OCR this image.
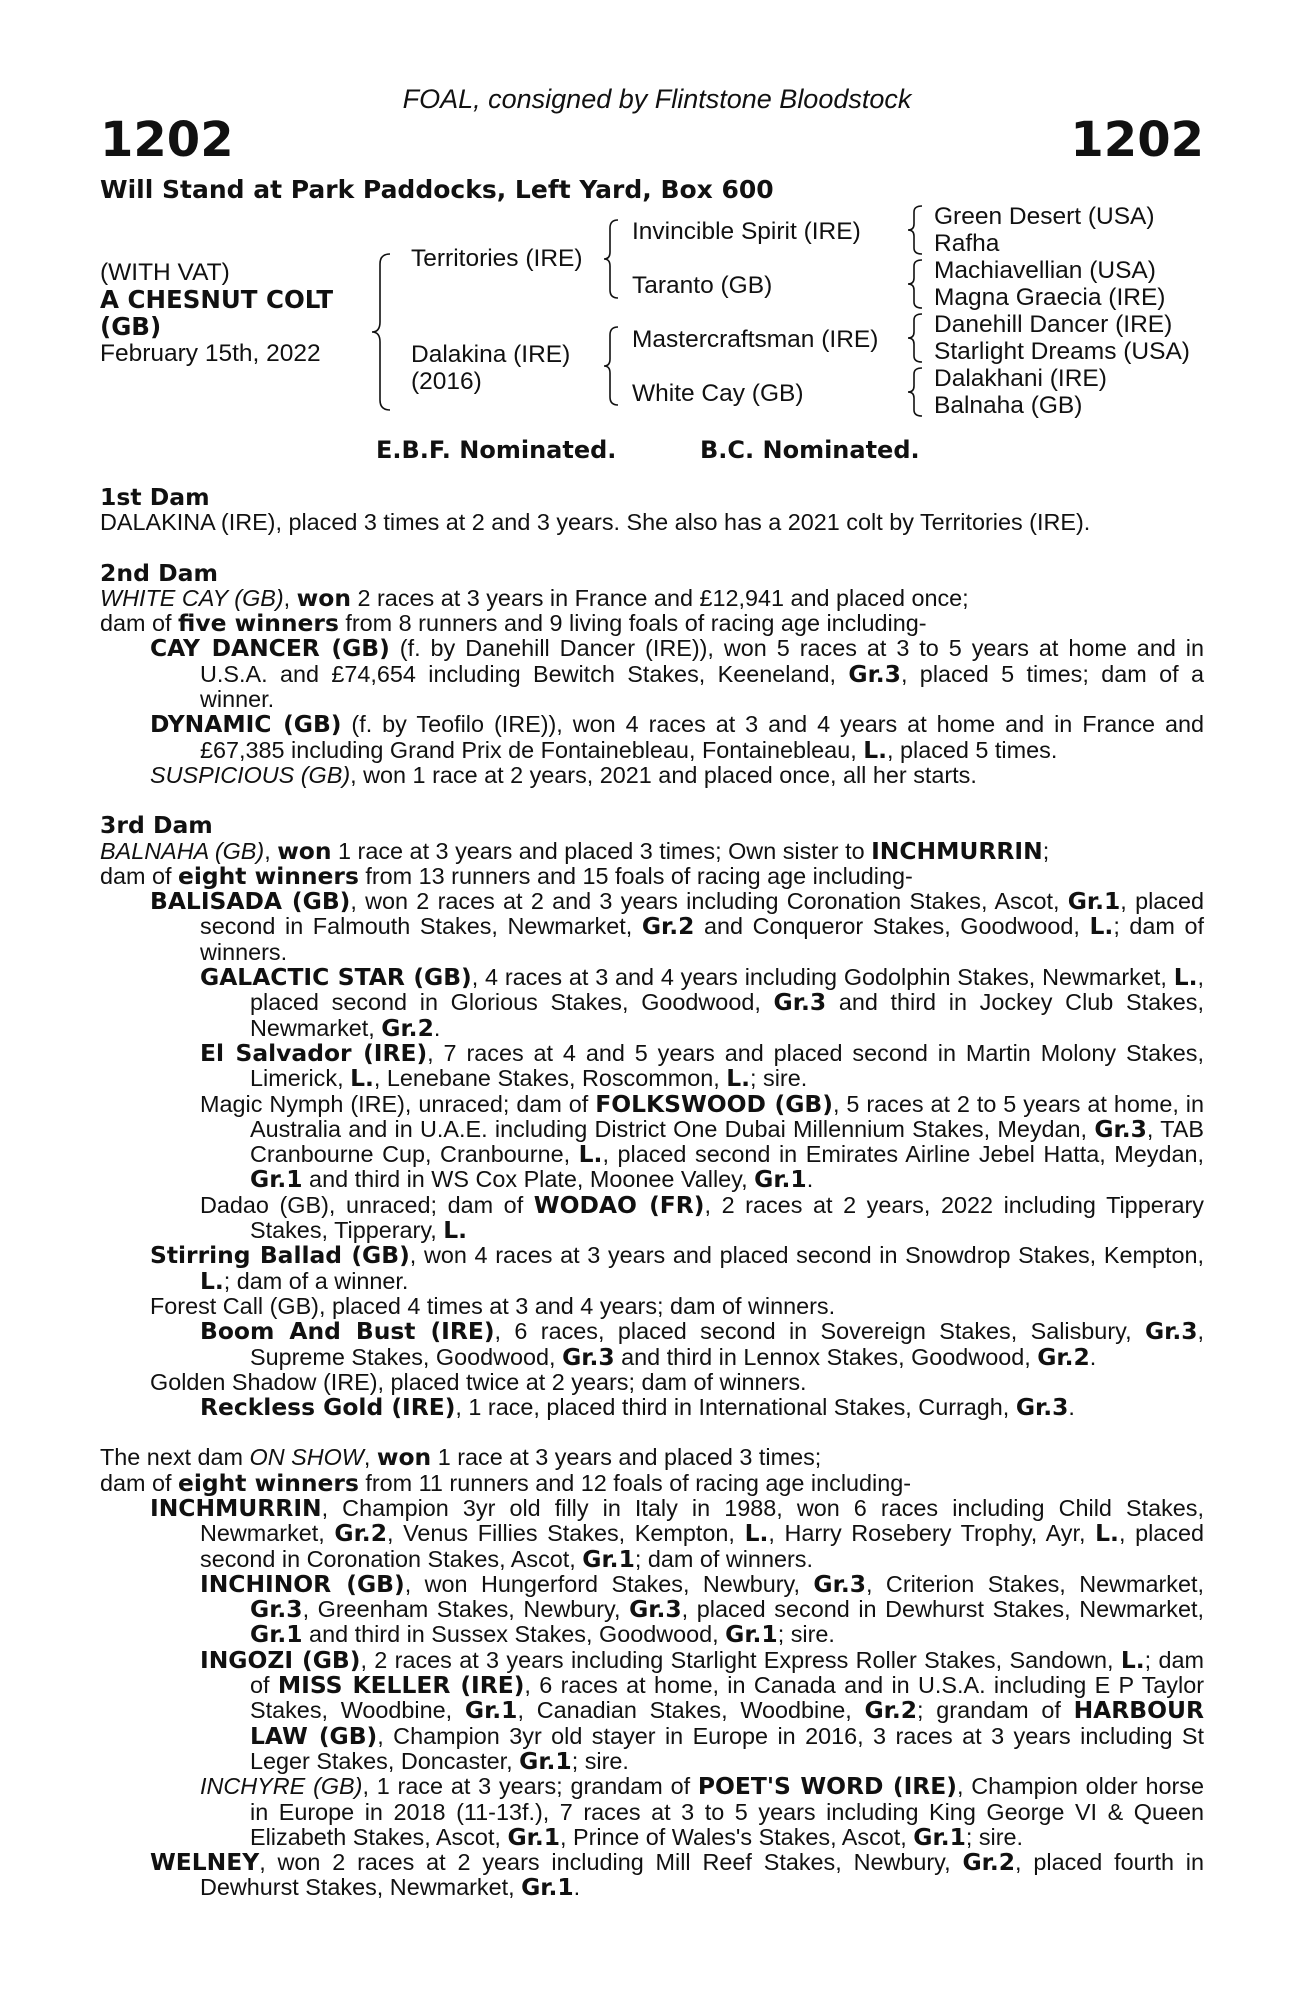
FOAL, consigned by Flintstone Bloodstock
1202	1202
Will Stand at Park Paddocks, Left Yard, Box 600
(WITH VAT)
A CHESNUT COLT
(GB)
February 15th, 2022
Territories (IRE)
Dalakina (IRE)
(2016)
Invincible Spirit (IRE)
Taranto (GB)
Mastercraftsman (IRE)
White Cay (GB)
Green Desert (USA)
Rafha
Machiavellian (USA)
Magna Graecia (IRE)
Danehill Dancer (IRE)
Starlight Dreams (USA)
Dalakhani (IRE)
Balnaha (GB)
E.B.F. Nominated.	B.C. Nominated.
1st Dam
DALAKINA (IRE), placed 3 times at 2 and 3 years. She also has a 2021 colt by Territories (IRE).
2nd Dam
WHITE CAY (GB), won 2 races at 3 years in France and £12,941 and placed once;
dam of five winners from 8 runners and 9 living foals of racing age including-
CAY DANCER (GB) (f. by Danehill Dancer (IRE)), won 5 races at 3 to 5 years at home and in U.S.A. and £74,654 including Bewitch Stakes, Keeneland, Gr.3, placed 5 times; dam of a winner.
DYNAMIC (GB) (f. by Teofilo (IRE)), won 4 races at 3 and 4 years at home and in France and £67,385 including Grand Prix de Fontainebleau, Fontainebleau, L., placed 5 times.
SUSPICIOUS (GB), won 1 race at 2 years, 2021 and placed once, all her starts.
3rd Dam
BALNAHA (GB), won 1 race at 3 years and placed 3 times; Own sister to INCHMURRIN;
dam of eight winners from 13 runners and 15 foals of racing age including-
BALISADA (GB), won 2 races at 2 and 3 years including Coronation Stakes, Ascot, Gr.1, placed second in Falmouth Stakes, Newmarket, Gr.2 and Conqueror Stakes, Goodwood, L.; dam of winners.
GALACTIC STAR (GB), 4 races at 3 and 4 years including Godolphin Stakes, Newmarket, L., placed second in Glorious Stakes, Goodwood, Gr.3 and third in Jockey Club Stakes, Newmarket, Gr.2.
El Salvador (IRE), 7 races at 4 and 5 years and placed second in Martin Molony Stakes, Limerick, L., Lenebane Stakes, Roscommon, L.; sire.
Magic Nymph (IRE), unraced; dam of FOLKSWOOD (GB), 5 races at 2 to 5 years at home, in Australia and in U.A.E. including District One Dubai Millennium Stakes, Meydan, Gr.3, TAB Cranbourne Cup, Cranbourne, L., placed second in Emirates Airline Jebel Hatta, Meydan, Gr.1 and third in WS Cox Plate, Moonee Valley, Gr.1.
Dadao (GB), unraced; dam of WODAO (FR), 2 races at 2 years, 2022 including Tipperary Stakes, Tipperary, L.
Stirring Ballad (GB), won 4 races at 3 years and placed second in Snowdrop Stakes, Kempton, L.; dam of a winner.
Forest Call (GB), placed 4 times at 3 and 4 years; dam of winners.
Boom And Bust (IRE), 6 races, placed second in Sovereign Stakes, Salisbury, Gr.3, Supreme Stakes, Goodwood, Gr.3 and third in Lennox Stakes, Goodwood, Gr.2.
Golden Shadow (IRE), placed twice at 2 years; dam of winners.
Reckless Gold (IRE), 1 race, placed third in International Stakes, Curragh, Gr.3.
The next dam ON SHOW, won 1 race at 3 years and placed 3 times;
dam of eight winners from 11 runners and 12 foals of racing age including-
INCHMURRIN, Champion 3yr old filly in Italy in 1988, won 6 races including Child Stakes, Newmarket, Gr.2, Venus Fillies Stakes, Kempton, L., Harry Rosebery Trophy, Ayr, L., placed second in Coronation Stakes, Ascot, Gr.1; dam of winners.
INCHINOR (GB), won Hungerford Stakes, Newbury, Gr.3, Criterion Stakes, Newmarket, Gr.3, Greenham Stakes, Newbury, Gr.3, placed second in Dewhurst Stakes, Newmarket, Gr.1 and third in Sussex Stakes, Goodwood, Gr.1; sire.
INGOZI (GB), 2 races at 3 years including Starlight Express Roller Stakes, Sandown, L.; dam of MISS KELLER (IRE), 6 races at home, in Canada and in U.S.A. including E P Taylor Stakes, Woodbine, Gr.1, Canadian Stakes, Woodbine, Gr.2; grandam of HARBOUR LAW (GB), Champion 3yr old stayer in Europe in 2016, 3 races at 3 years including St Leger Stakes, Doncaster, Gr.1; sire.
INCHYRE (GB), 1 race at 3 years; grandam of POET'S WORD (IRE), Champion older horse in Europe in 2018 (11-13f.), 7 races at 3 to 5 years including King George VI & Queen Elizabeth Stakes, Ascot, Gr.1, Prince of Wales's Stakes, Ascot, Gr.1; sire.
WELNEY, won 2 races at 2 years including Mill Reef Stakes, Newbury, Gr.2, placed fourth in Dewhurst Stakes, Newmarket, Gr.1.
